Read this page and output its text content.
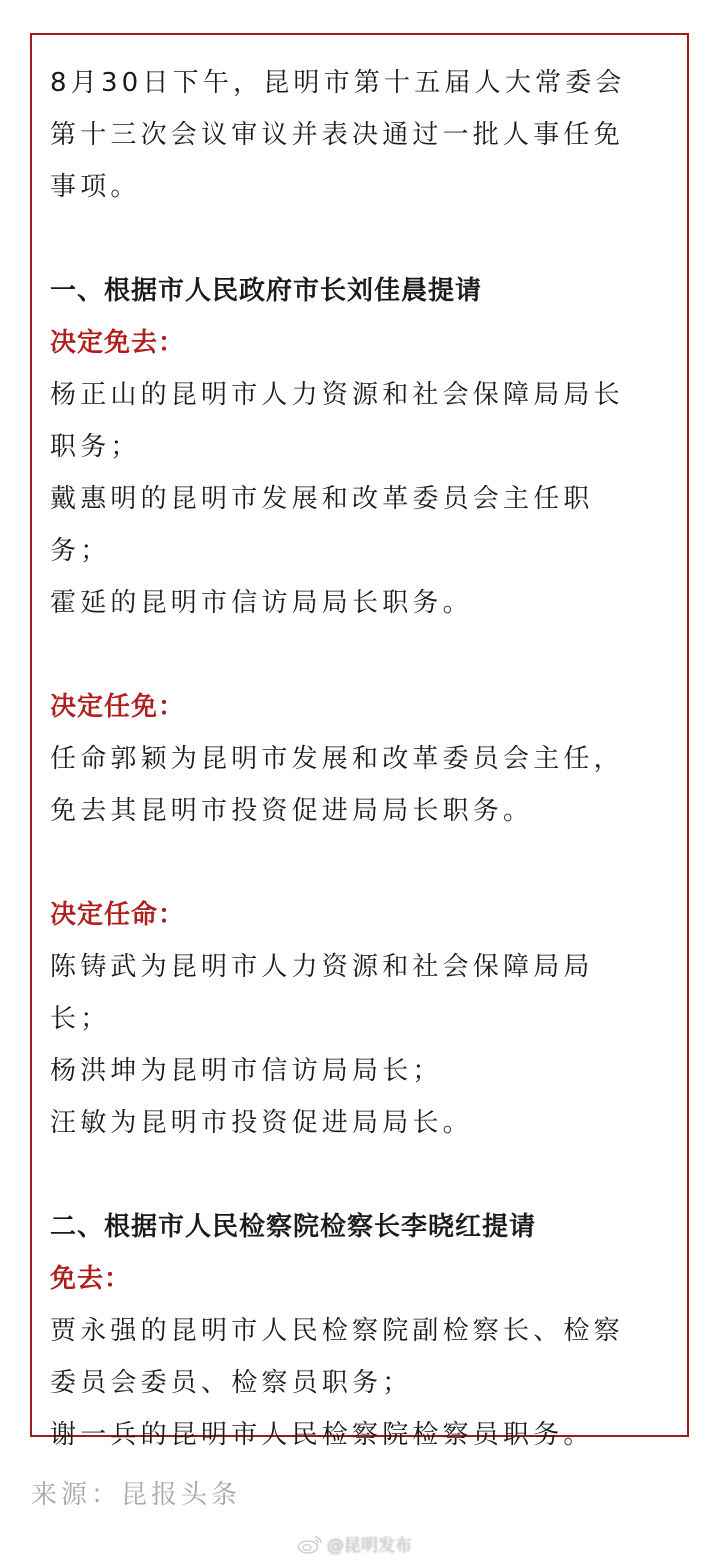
8月30日下午，昆明市第十五届人大常委会
第十三次会议审议并表决通过一批人事任免
事项。
一、根据市人民政府市长刘佳晨提请
决定免去：
杨正山的昆明市人力资源和社会保障局局长
职务；
戴惠明的昆明市发展和改革委员会主任职
务；
霍延的昆明市信访局局长职务。
决定任免：
任命郭颖为昆明市发展和改革委员会主任，
免去其昆明市投资促进局局长职务。
决定任命：
陈铸武为昆明市人力资源和社会保障局局
长；
杨洪坤为昆明市信访局局长；
汪敏为昆明市投资促进局局长。
二、根据市人民检察院检察长李晓红提请
免去：
贾永强的昆明市人民检察院副检察长、检察
委员会委员、检察员职务；
谢一兵的昆明市人民检察院检察员职务。
来源：昆报头条
@昆明发布
